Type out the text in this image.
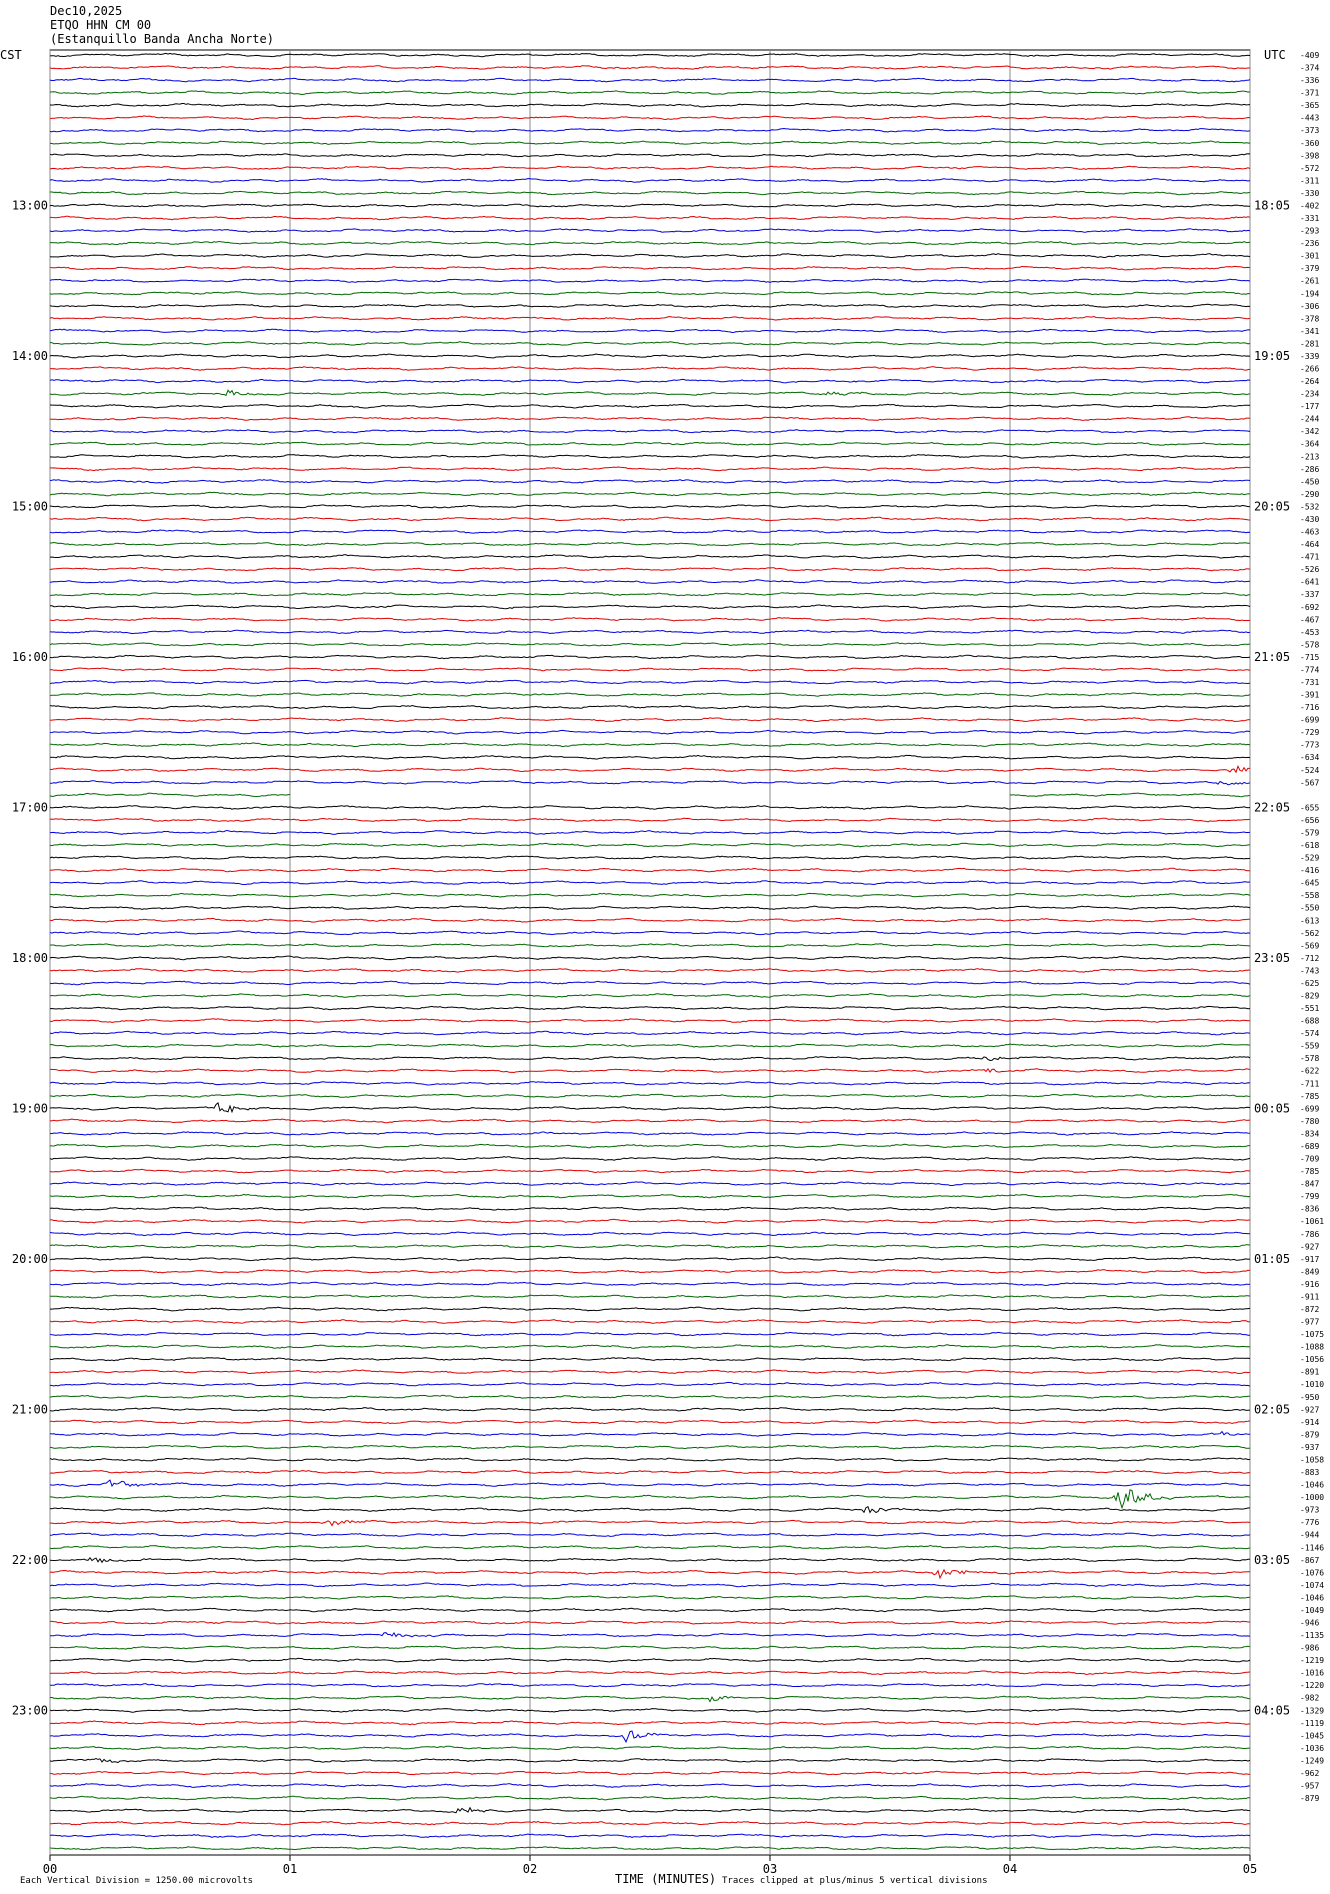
Dec10,2025
ETQO HHN CM 00
(Estanquillo Banda Ancha Norte)
00	01	02	03	04	05
-409
-374
-336
-371
-365
-443
-373
-360
-398
-572
-311
-330
-402
-331
-293
-236
-301
-379
-261
-194
-306
-378
-341
-281
-339
-266
-264
-234
-177
-244
-342
-364
-213
-286
-450
-290
-532
-430
-463
-464
-471
-526
-641
-337
-692
-467
-453
-578
-715
-774
-731
-391
-716
-699
-729
-773
-634
-524
-567
-655
-656
-579
-618
-529
-416
-645
-558
-550
-613
-562
-569
-712
-743
-625
-829
-551
-688
-574
-559
-578
-622
-711
-785
-699
-780
-834
-689
-709
-785
-847
-799
-836
-1061
-786
-927
-917
-849
-916
-911
-872
-977
-1075
-1088
-1056
-891
-1010
-950
-927
-914
-879
-937
-1058
-883
-1046
-1000
-973
-776
-944
-1146
-867
-1076
-1074
-1046
-1049
-946
-1135
-986
-1219
-1016
-1220
-982
-1329
-1119
-1045
-1036
-1249
-962
-957
-879
13:00
14:00
15:00
16:00
17:00
18:00
19:00
20:00
21:00
22:00
23:00
18:05
19:05
20:05
21:05
22:05
23:05
00:05
01:05
02:05
03:05
04:05
CST	UTC
Each Vertical Division = 1250.00 microvolts	TIME (MINUTES) Traces clipped at plus/minus 5 vertical divisions
